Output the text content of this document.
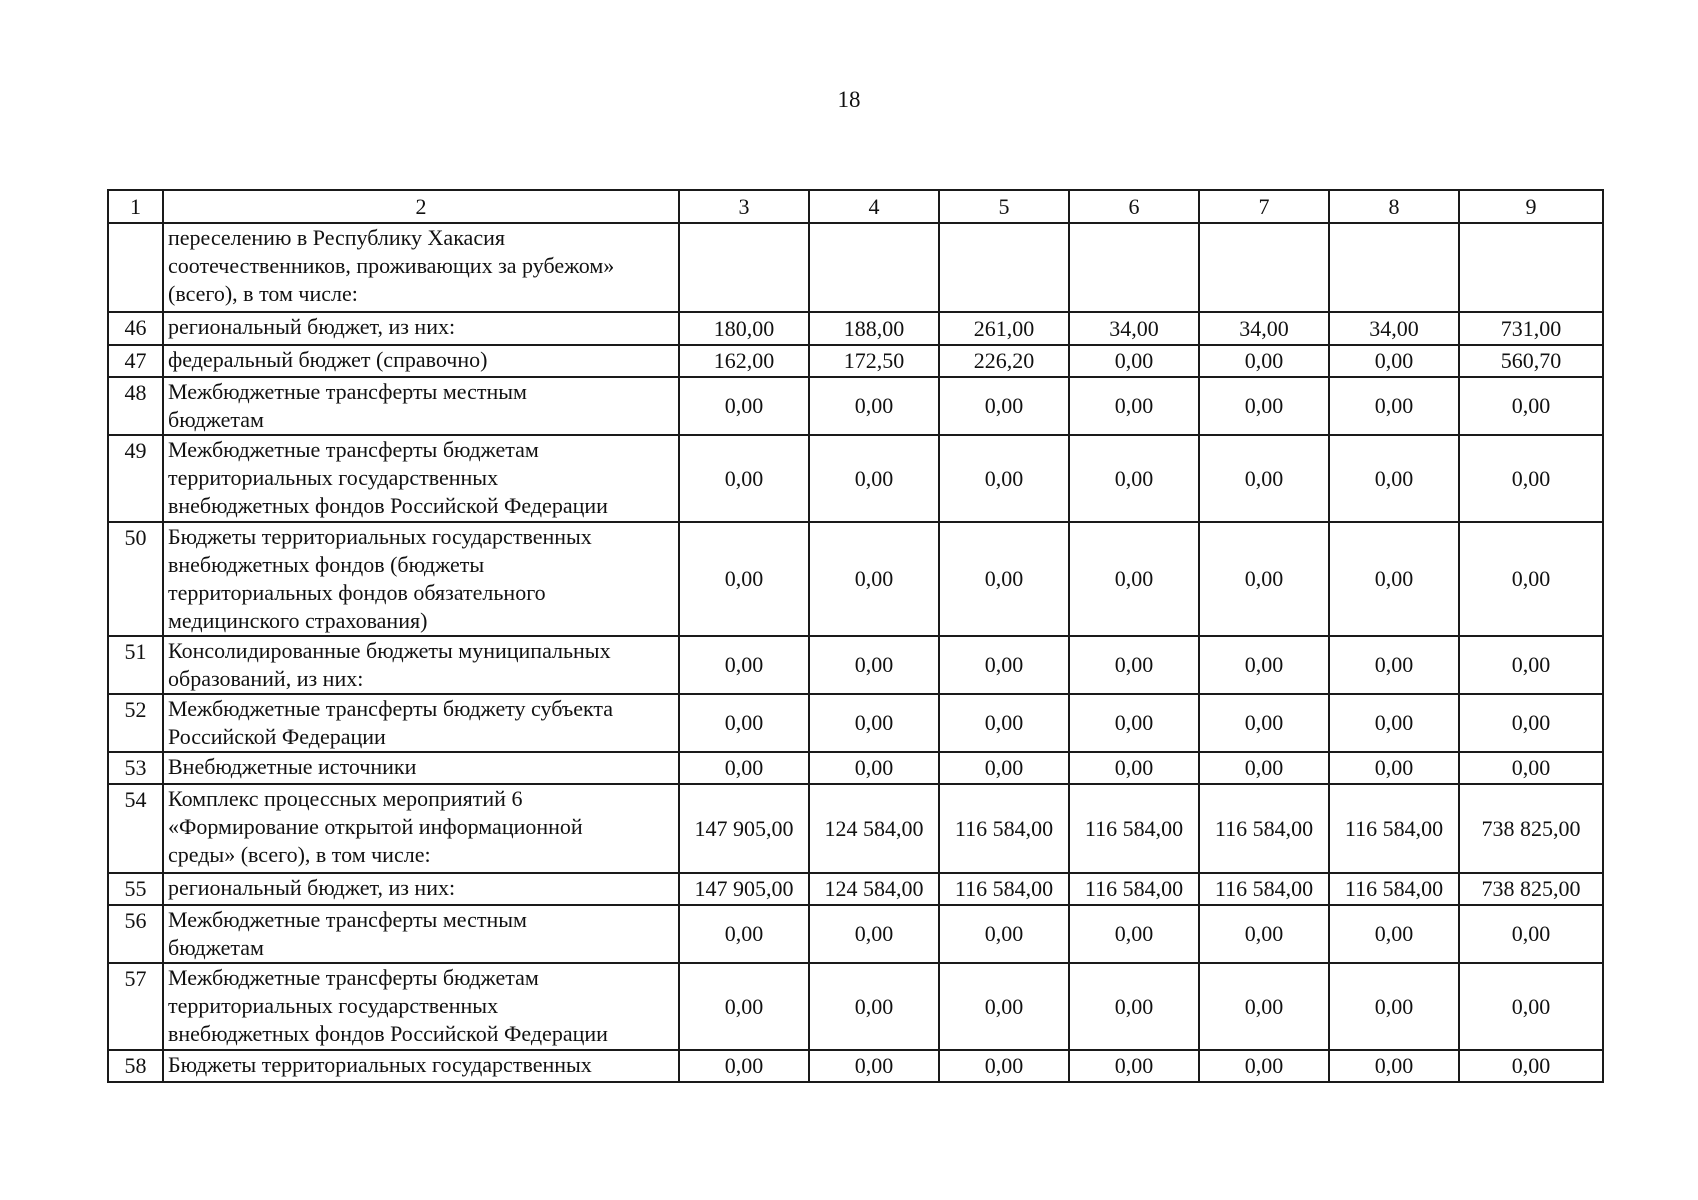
18
1	2	3	4	5	6	7	8	9
	переселению в Республику Хакасия
соотечественников, проживающих за рубежом»
(всего), в том числе:							
46	региональный бюджет, из них:	180,00	188,00	261,00	34,00	34,00	34,00	731,00
47	федеральный бюджет (справочно)	162,00	172,50	226,20	0,00	0,00	0,00	560,70
48	Межбюджетные трансферты местным
бюджетам	0,00	0,00	0,00	0,00	0,00	0,00	0,00
49	Межбюджетные трансферты бюджетам
территориальных государственных
внебюджетных фондов Российской Федерации	0,00	0,00	0,00	0,00	0,00	0,00	0,00
50	Бюджеты территориальных государственных
внебюджетных фондов (бюджеты
территориальных фондов обязательного
медицинского страхования)	0,00	0,00	0,00	0,00	0,00	0,00	0,00
51	Консолидированные бюджеты муниципальных
образований, из них:	0,00	0,00	0,00	0,00	0,00	0,00	0,00
52	Межбюджетные трансферты бюджету субъекта
Российской Федерации	0,00	0,00	0,00	0,00	0,00	0,00	0,00
53	Внебюджетные источники	0,00	0,00	0,00	0,00	0,00	0,00	0,00
54	Комплекс процессных мероприятий 6
«Формирование открытой информационной
среды» (всего), в том числе:	147 905,00	124 584,00	116 584,00	116 584,00	116 584,00	116 584,00	738 825,00
55	региональный бюджет, из них:	147 905,00	124 584,00	116 584,00	116 584,00	116 584,00	116 584,00	738 825,00
56	Межбюджетные трансферты местным
бюджетам	0,00	0,00	0,00	0,00	0,00	0,00	0,00
57	Межбюджетные трансферты бюджетам
территориальных государственных
внебюджетных фондов Российской Федерации	0,00	0,00	0,00	0,00	0,00	0,00	0,00
58	Бюджеты территориальных государственных	0,00	0,00	0,00	0,00	0,00	0,00	0,00
